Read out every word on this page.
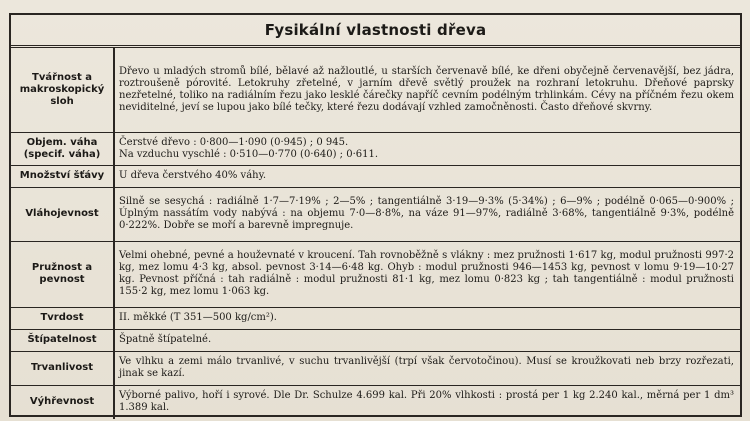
Fysikální vlastnosti dřeva
Tvářnost a makroskopický sloh	Dřevo u mladých stromů bílé, bělavé až nažloutlé, u starších červenavě bílé, ke dřeni obyčejně červenavější, bez jádra, roztroušeně pórovité. Letokruhy zřetelné, v jarním dřevě světlý proužek na rozhraní letokruhu. Dřeňové paprsky nezřetelné, toliko na radiálním řezu jako lesklé čárečky napříč cevním podélným trhlinkám. Cévy na příčném řezu okem neviditelné, jeví se lupou jako bílé tečky, které řezu dodávají vzhled zamočněnosti. Často dřeňové skvrny.
Objem. váha (specif. váha)	Čerstvé dřevo : 0·800—1·090 (0·945) ; 0 945.
Na vzduchu vyschlé : 0·510—0·770 (0·640) ; 0·611.
Množství šťávy	U dřeva čerstvého 40% váhy.
Vláhojevnost	Silně se sesychá : radiálně 1·7—7·19% ; 2—5% ; tangentiálně 3·19—9·3% (5·34%) ; 6—9% ; podélně 0·065—0·900% ; Úplným nassátím vody nabývá : na objemu 7·0—8·8%, na váze 91—97%, radiálně 3·68%, tangentiálně 9·3%, podélně 0·222%. Dobře se moří a barevně impregnuje.
Pružnost a pevnost	Velmi ohebné, pevné a houževnaté v kroucení. Tah rovnoběžně s vlákny : mez pružnosti 1·617 kg, modul pružnosti 997·2 kg, mez lomu 4·3 kg, absol. pevnost 3·14—6·48 kg. Ohyb : modul pružnosti 946—1453 kg, pevnost v lomu 9·19—10·27 kg. Pevnost příčná : tah radiálně : modul pružnosti 81·1 kg, mez lomu 0·823 kg ; tah tangentiálně : modul pružnosti 155·2 kg, mez lomu 1·063 kg.
Tvrdost	II. měkké (T 351—500 kg/cm²).
Štípatelnost	Špatně štípatelné.
Trvanlivost	Ve vlhku a zemi málo trvanlivé, v suchu trvanlivější (trpí však červotočinou). Musí se kroužkovati neb brzy rozřezati, jinak se kazí.
Výhřevnost	Výborné palivo, hoří i syrové. Dle Dr. Schulze 4.699 kal. Při 20% vlhkosti : prostá per 1 kg 2.240 kal., měrná per 1 dm³ 1.389 kal.
